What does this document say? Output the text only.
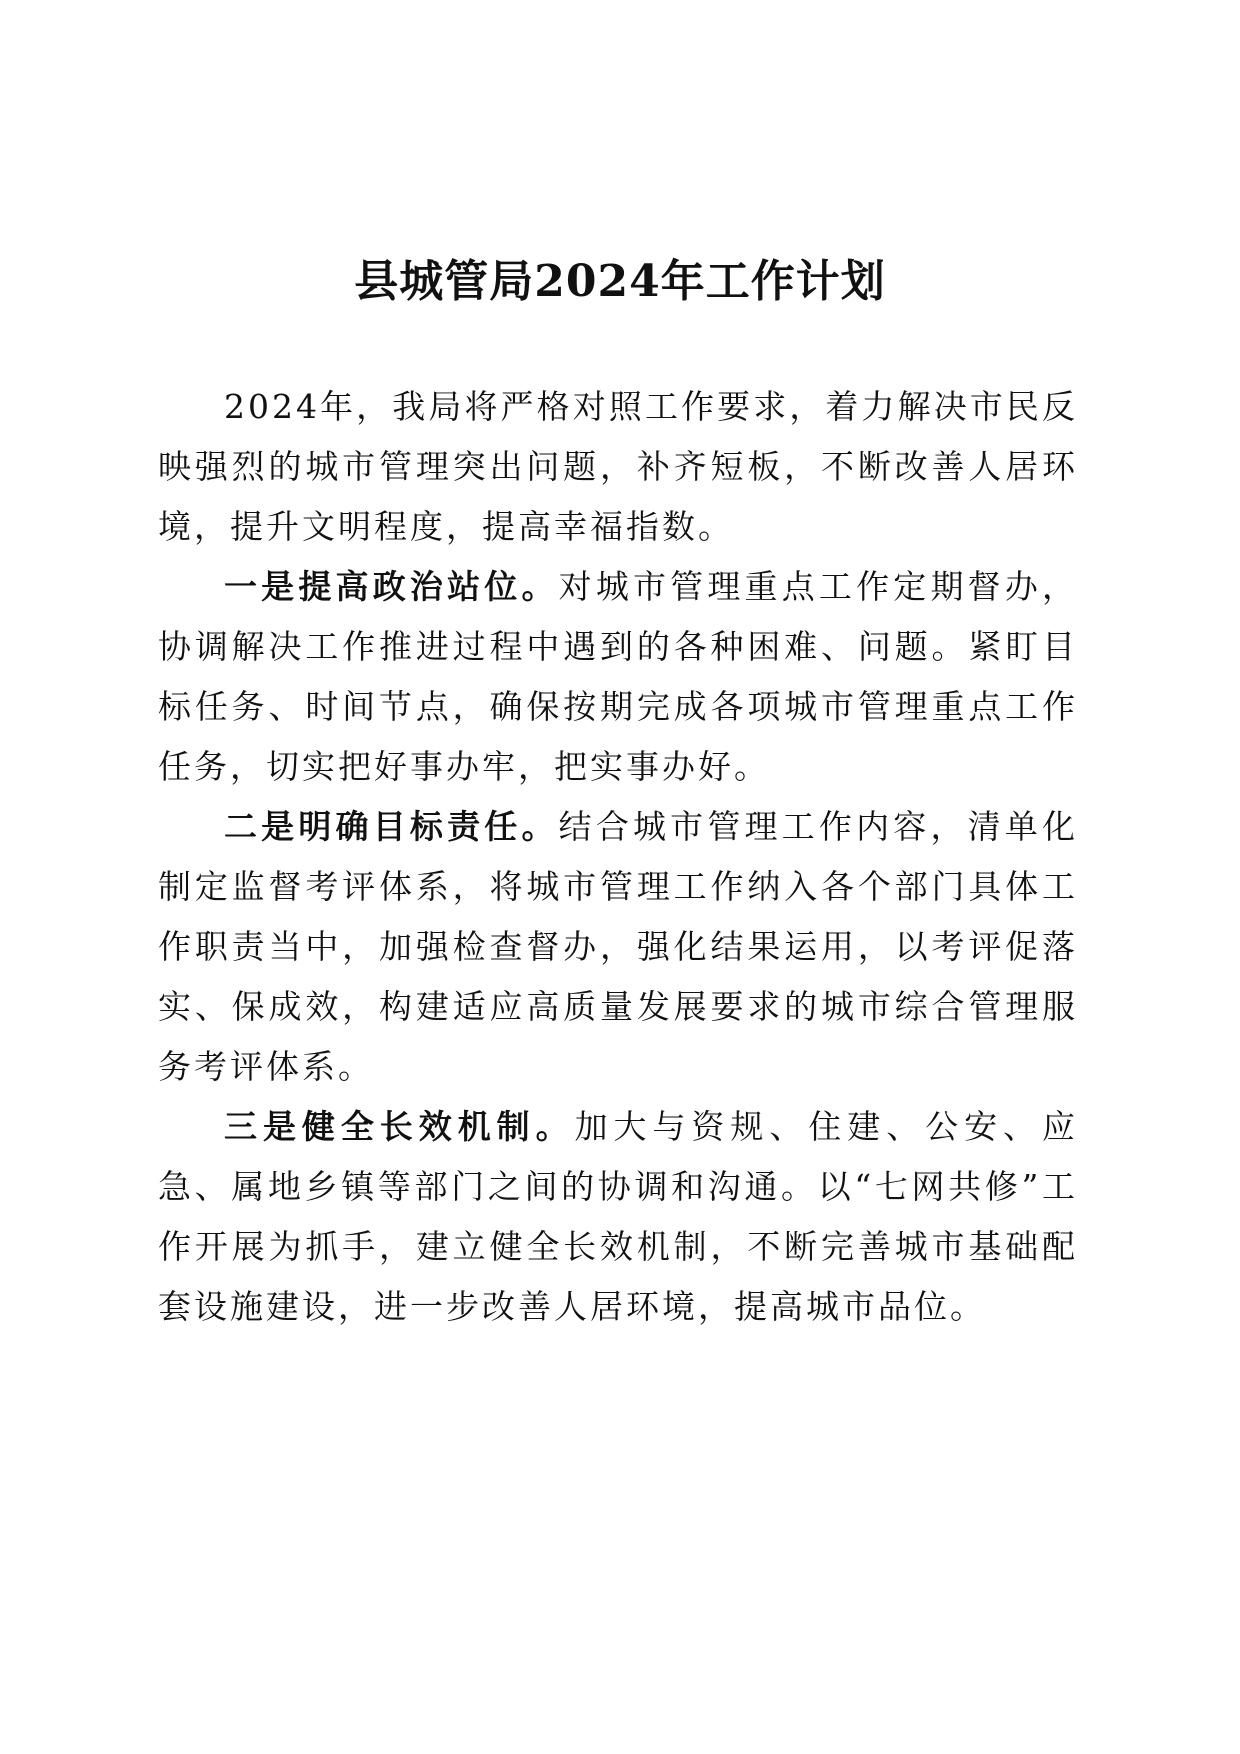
县城管局2024年工作计划

2024年，我局将严格对照工作要求，着力解决市民反映强烈的城市管理突出问题，补齐短板，不断改善人居环境，提升文明程度，提高幸福指数。

一是提高政治站位。对城市管理重点工作定期督办，协调解决工作推进过程中遇到的各种困难、问题。紧盯目标任务、时间节点，确保按期完成各项城市管理重点工作任务，切实把好事办牢，把实事办好。

二是明确目标责任。结合城市管理工作内容，清单化制定监督考评体系，将城市管理工作纳入各个部门具体工作职责当中，加强检查督办，强化结果运用，以考评促落实、保成效，构建适应高质量发展要求的城市综合管理服务考评体系。

三是健全长效机制。加大与资规、住建、公安、应急、属地乡镇等部门之间的协调和沟通。以“七网共修”工作开展为抓手，建立健全长效机制，不断完善城市基础配套设施建设，进一步改善人居环境，提高城市品位。
